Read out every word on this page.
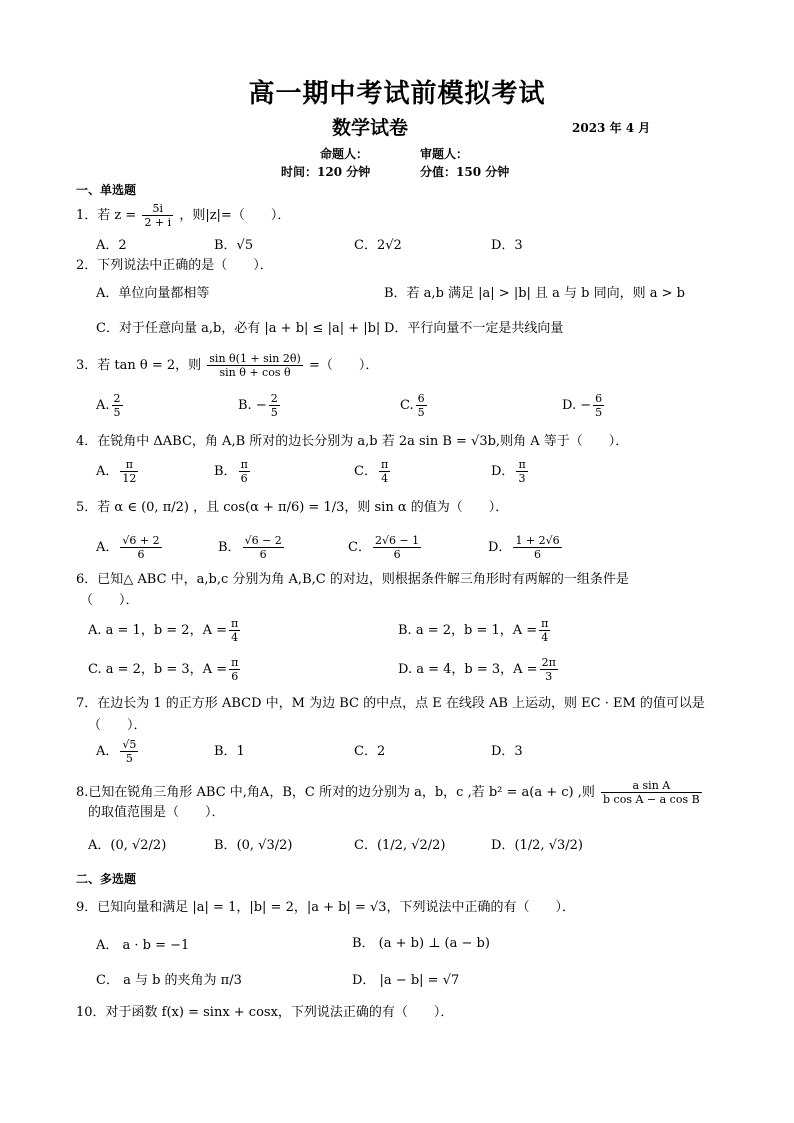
高一期中考试前模拟考试
数学试卷	2023 年 4 月
命题人：	审题人：
时间：120 分钟	分值：150 分钟
一、单选题
1．若 $z = \frac{5i}{2 + i}$ ，则|z|=（　　）．
A．2	B．√5	C．2√2	D．3
2．下列说法中正确的是（　　）．
A．单位向量都相等	B．若 a,b 满足 |a| > |b| 且 a 与 b 同向，则 a > b
C．对于任意向量 a,b，必有 |a + b| ≤ |a| + |b| D．平行向量不一定是共线向量
3．若 tan θ = 2，则 $\frac{\text{sin θ(1 + sin 2θ)}}{\text{sin θ + cos θ}}$ =（　　）．
A. $\frac{2}{5}$	B. − $\frac{2}{5}$	C. $\frac{6}{5}$	D. − $\frac{6}{5}$
4．在锐角中 ΔABC，角 A,B 所对的边长分别为 a,b 若 2a sin B = √3b,则角 A 等于（　　）．
A． $\frac{\pi}{12}$	B． $\frac{\pi}{6}$	C． $\frac{\pi}{4}$	D． $\frac{\pi}{3}$
5．若 α ∈ (0, π/2) ，且 cos(α + π/6) = 1/3，则 sin α 的值为（　　）．
A． $\frac{√6 + 2}{6}$	B． $\frac{√6 - 2}{6}$	C． $\frac{2√6 - 1}{6}$	D． $\frac{1 + 2√6}{6}$
6．已知△ ABC 中，a,b,c 分别为角 A,B,C 的对边，则根据条件解三角形时有两解的一组条件是
（　　）．
A. a = 1，b = 2，$A = \frac{\pi}{4}$	B. a = 2，b = 1，$A = \frac{\pi}{4}$
C. a = 2，b = 3，$A = \frac{\pi}{6}$	D. a = 4，b = 3，$A = \frac{2\pi}{3}$
7．在边长为 1 的正方形 ABCD 中，M 为边 BC 的中点，点 E 在线段 AB 上运动，则 EC · EM 的值可以是
（　　）．
A． $\frac{√5}{5}$	B．1	C．2	D．3
8.已知在锐角三角形 ABC 中,角A，B，C 所对的边分别为 a，b，c ,若 b² = a(a + c) ,则 $\frac{\text{a sin A}}{\text{b cos A − a cos B}}$
的取值范围是（　　）．
A．(0, √2/2)	B．(0, √3/2)	C．(1/2, √2/2)	D．(1/2, √3/2)
二、多选题
9．已知向量和满足 |a| = 1，|b| = 2，|a + b| = √3，下列说法中正确的有（　　）．
A． a · b = −1	B． (a + b) ⊥ (a − b)
C． a 与 b 的夹角为 π/3	D． |a − b| = √7
10．对于函数 f(x) = sinx + cosx，下列说法正确的有（　　）．
